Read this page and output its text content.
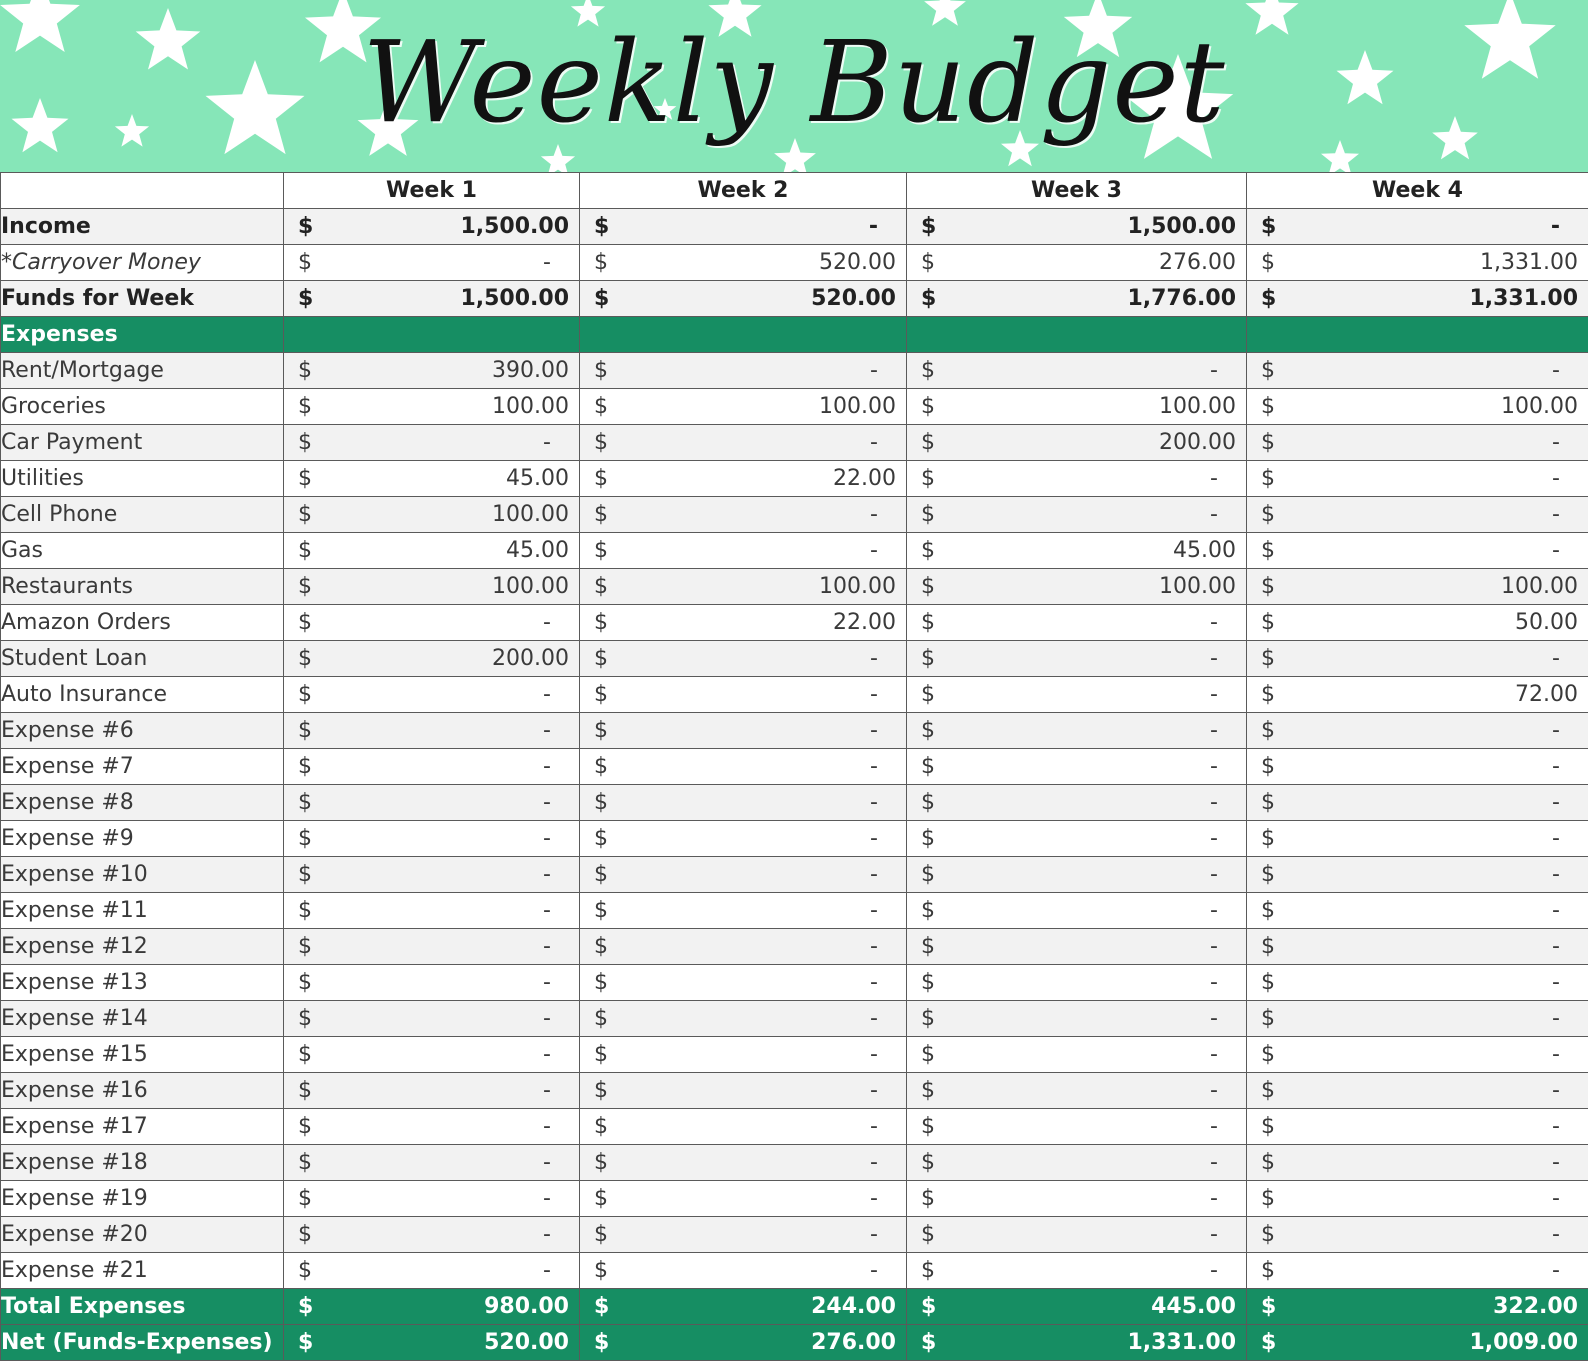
Weekly Budget
	Week 1	Week 2	Week 3	Week 4
Income	$ 1,500.00	$ -	$ 1,500.00	$ -

*Carryover Money	$ -	$ 520.00	$ 276.00	$ 1,331.00

Funds for Week	$ 1,500.00	$ 520.00	$ 1,776.00	$ 1,331.00

Expenses				
Rent/Mortgage	$ 390.00	$ -	$ -	$ -

Groceries	$ 100.00	$ 100.00	$ 100.00	$ 100.00

Car Payment	$ -	$ -	$ 200.00	$ -

Utilities	$ 45.00	$ 22.00	$ -	$ -

Cell Phone	$ 100.00	$ -	$ -	$ -

Gas	$ 45.00	$ -	$ 45.00	$ -

Restaurants	$ 100.00	$ 100.00	$ 100.00	$ 100.00

Amazon Orders	$ -	$ 22.00	$ -	$ 50.00

Student Loan	$ 200.00	$ -	$ -	$ -

Auto Insurance	$ -	$ -	$ -	$ 72.00

Expense #6	$ -	$ -	$ -	$ -

Expense #7	$ -	$ -	$ -	$ -

Expense #8	$ -	$ -	$ -	$ -

Expense #9	$ -	$ -	$ -	$ -

Expense #10	$ -	$ -	$ -	$ -

Expense #11	$ -	$ -	$ -	$ -

Expense #12	$ -	$ -	$ -	$ -

Expense #13	$ -	$ -	$ -	$ -

Expense #14	$ -	$ -	$ -	$ -

Expense #15	$ -	$ -	$ -	$ -

Expense #16	$ -	$ -	$ -	$ -

Expense #17	$ -	$ -	$ -	$ -

Expense #18	$ -	$ -	$ -	$ -

Expense #19	$ -	$ -	$ -	$ -

Expense #20	$ -	$ -	$ -	$ -

Expense #21	$ -	$ -	$ -	$ -

Total Expenses	$ 980.00	$ 244.00	$ 445.00	$ 322.00

Net (Funds-Expenses)	$ 520.00	$ 276.00	$ 1,331.00	$ 1,009.00
